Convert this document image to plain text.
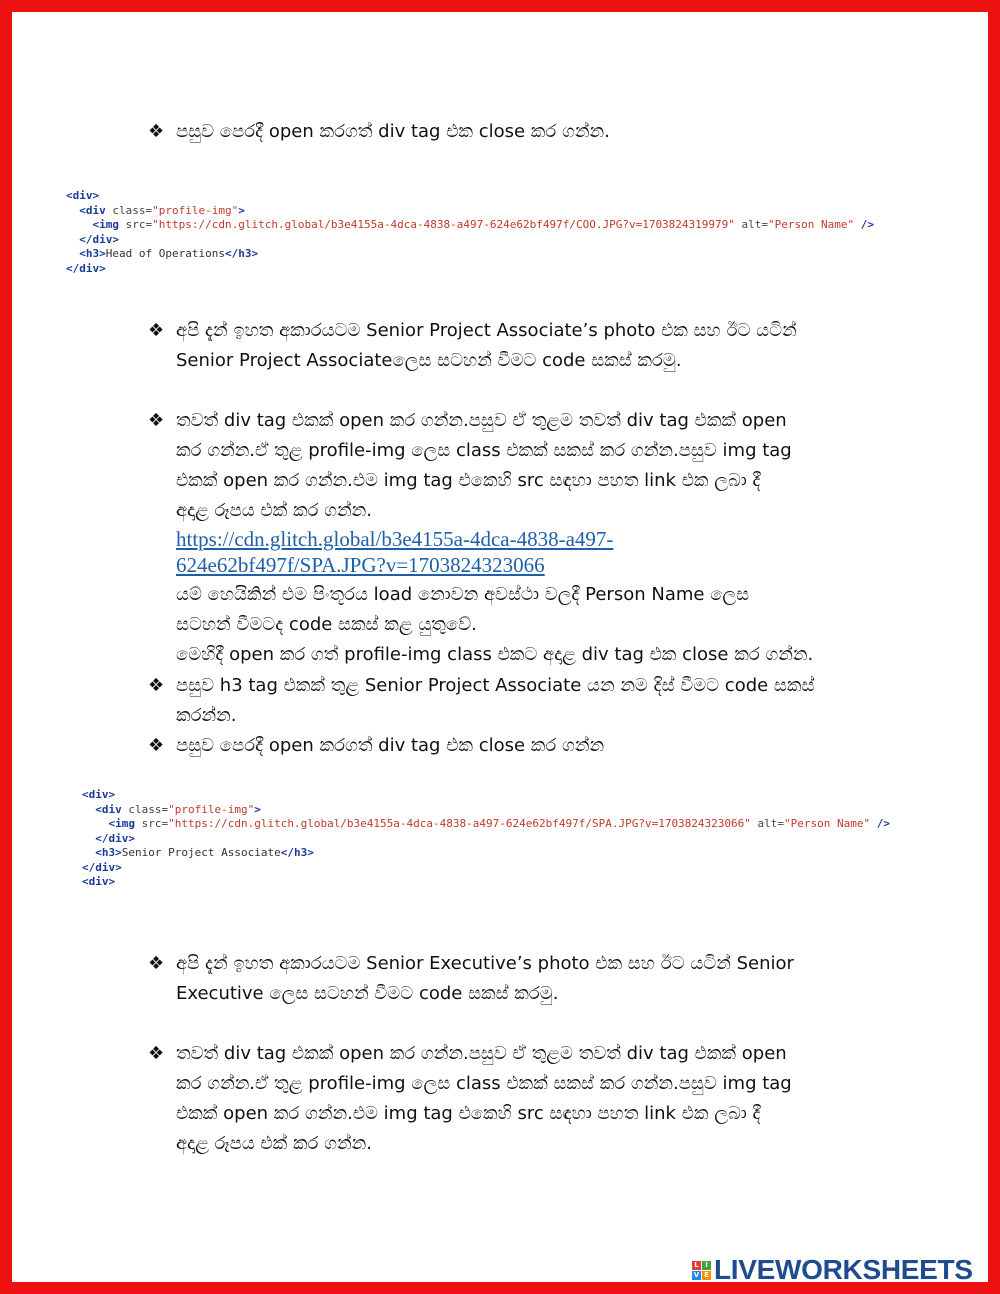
❖ පසුව පෙරදී open කරගත් div tag එක close කර ගන්න.
<div>
<div class="profile-img">
<img src="https://cdn.glitch.global/b3e4155a-4dca-4838-a497-624e62bf497f/COO.JPG?v=1703824319979" alt="Person Name" />
</div>
<h3>Head of Operations</h3>
</div>
❖ අපි දැන් ඉහත අකාරයටම Senior Project Associate’s photo එක සහ ඊට යටින්
Senior Project Associateලෙස සටහන් වීමට code සකස් කරමු.
❖ තවත් div tag එකක් open කර ගන්න.පසුව ඒ තුළම තවත් div tag එකක් open
කර ගන්න.ඒ තුළ profile-img ලෙස class එකක් සකස් කර ගන්න.පසුව img tag
එකක් open කර ගන්න.එම img tag එකෙහි src සඳහා පහත link එක ලබා දී
අදාළ රූපය එක් කර ගන්න.
https://cdn.glitch.global/b3e4155a-4dca-4838-a497-
624e62bf497f/SPA.JPG?v=1703824323066
යම් හෙයිකින් එම පිංතූරය load නොවන අවස්ථා වලදී Person Name ලෙස
සටහන් වීමටද code සකස් කළ යුතුවේ.
මෙහිදී open කර ගත් profile-img class එකට අදාළ div tag එක close කර ගන්න.
❖ පසුව h3 tag එකක් තුළ Senior Project Associate යන නම දිස් වීමට code සකස්
කරන්න.
❖ පසුව පෙරදී open කරගත් div tag එක close කර ගන්න
<div>
<div class="profile-img">
<img src="https://cdn.glitch.global/b3e4155a-4dca-4838-a497-624e62bf497f/SPA.JPG?v=1703824323066" alt="Person Name" />
</div>
<h3>Senior Project Associate</h3>
</div>
<div>
❖ අපි දැන් ඉහත අකාරයටම Senior Executive’s photo එක සහ ඊට යටින් Senior
Executive ලෙස සටහන් වීමට code සකස් කරමු.
❖ තවත් div tag එකක් open කර ගන්න.පසුව ඒ තුළම තවත් div tag එකක් open
කර ගන්න.ඒ තුළ profile-img ලෙස class එකක් සකස් කර ගන්න.පසුව img tag
එකක් open කර ගන්න.එම img tag එකෙහි src සඳහා පහත link එක ලබා දී
අදාළ රූපය එක් කර ගන්න.
L I
V E LIVEWORKSHEETS
